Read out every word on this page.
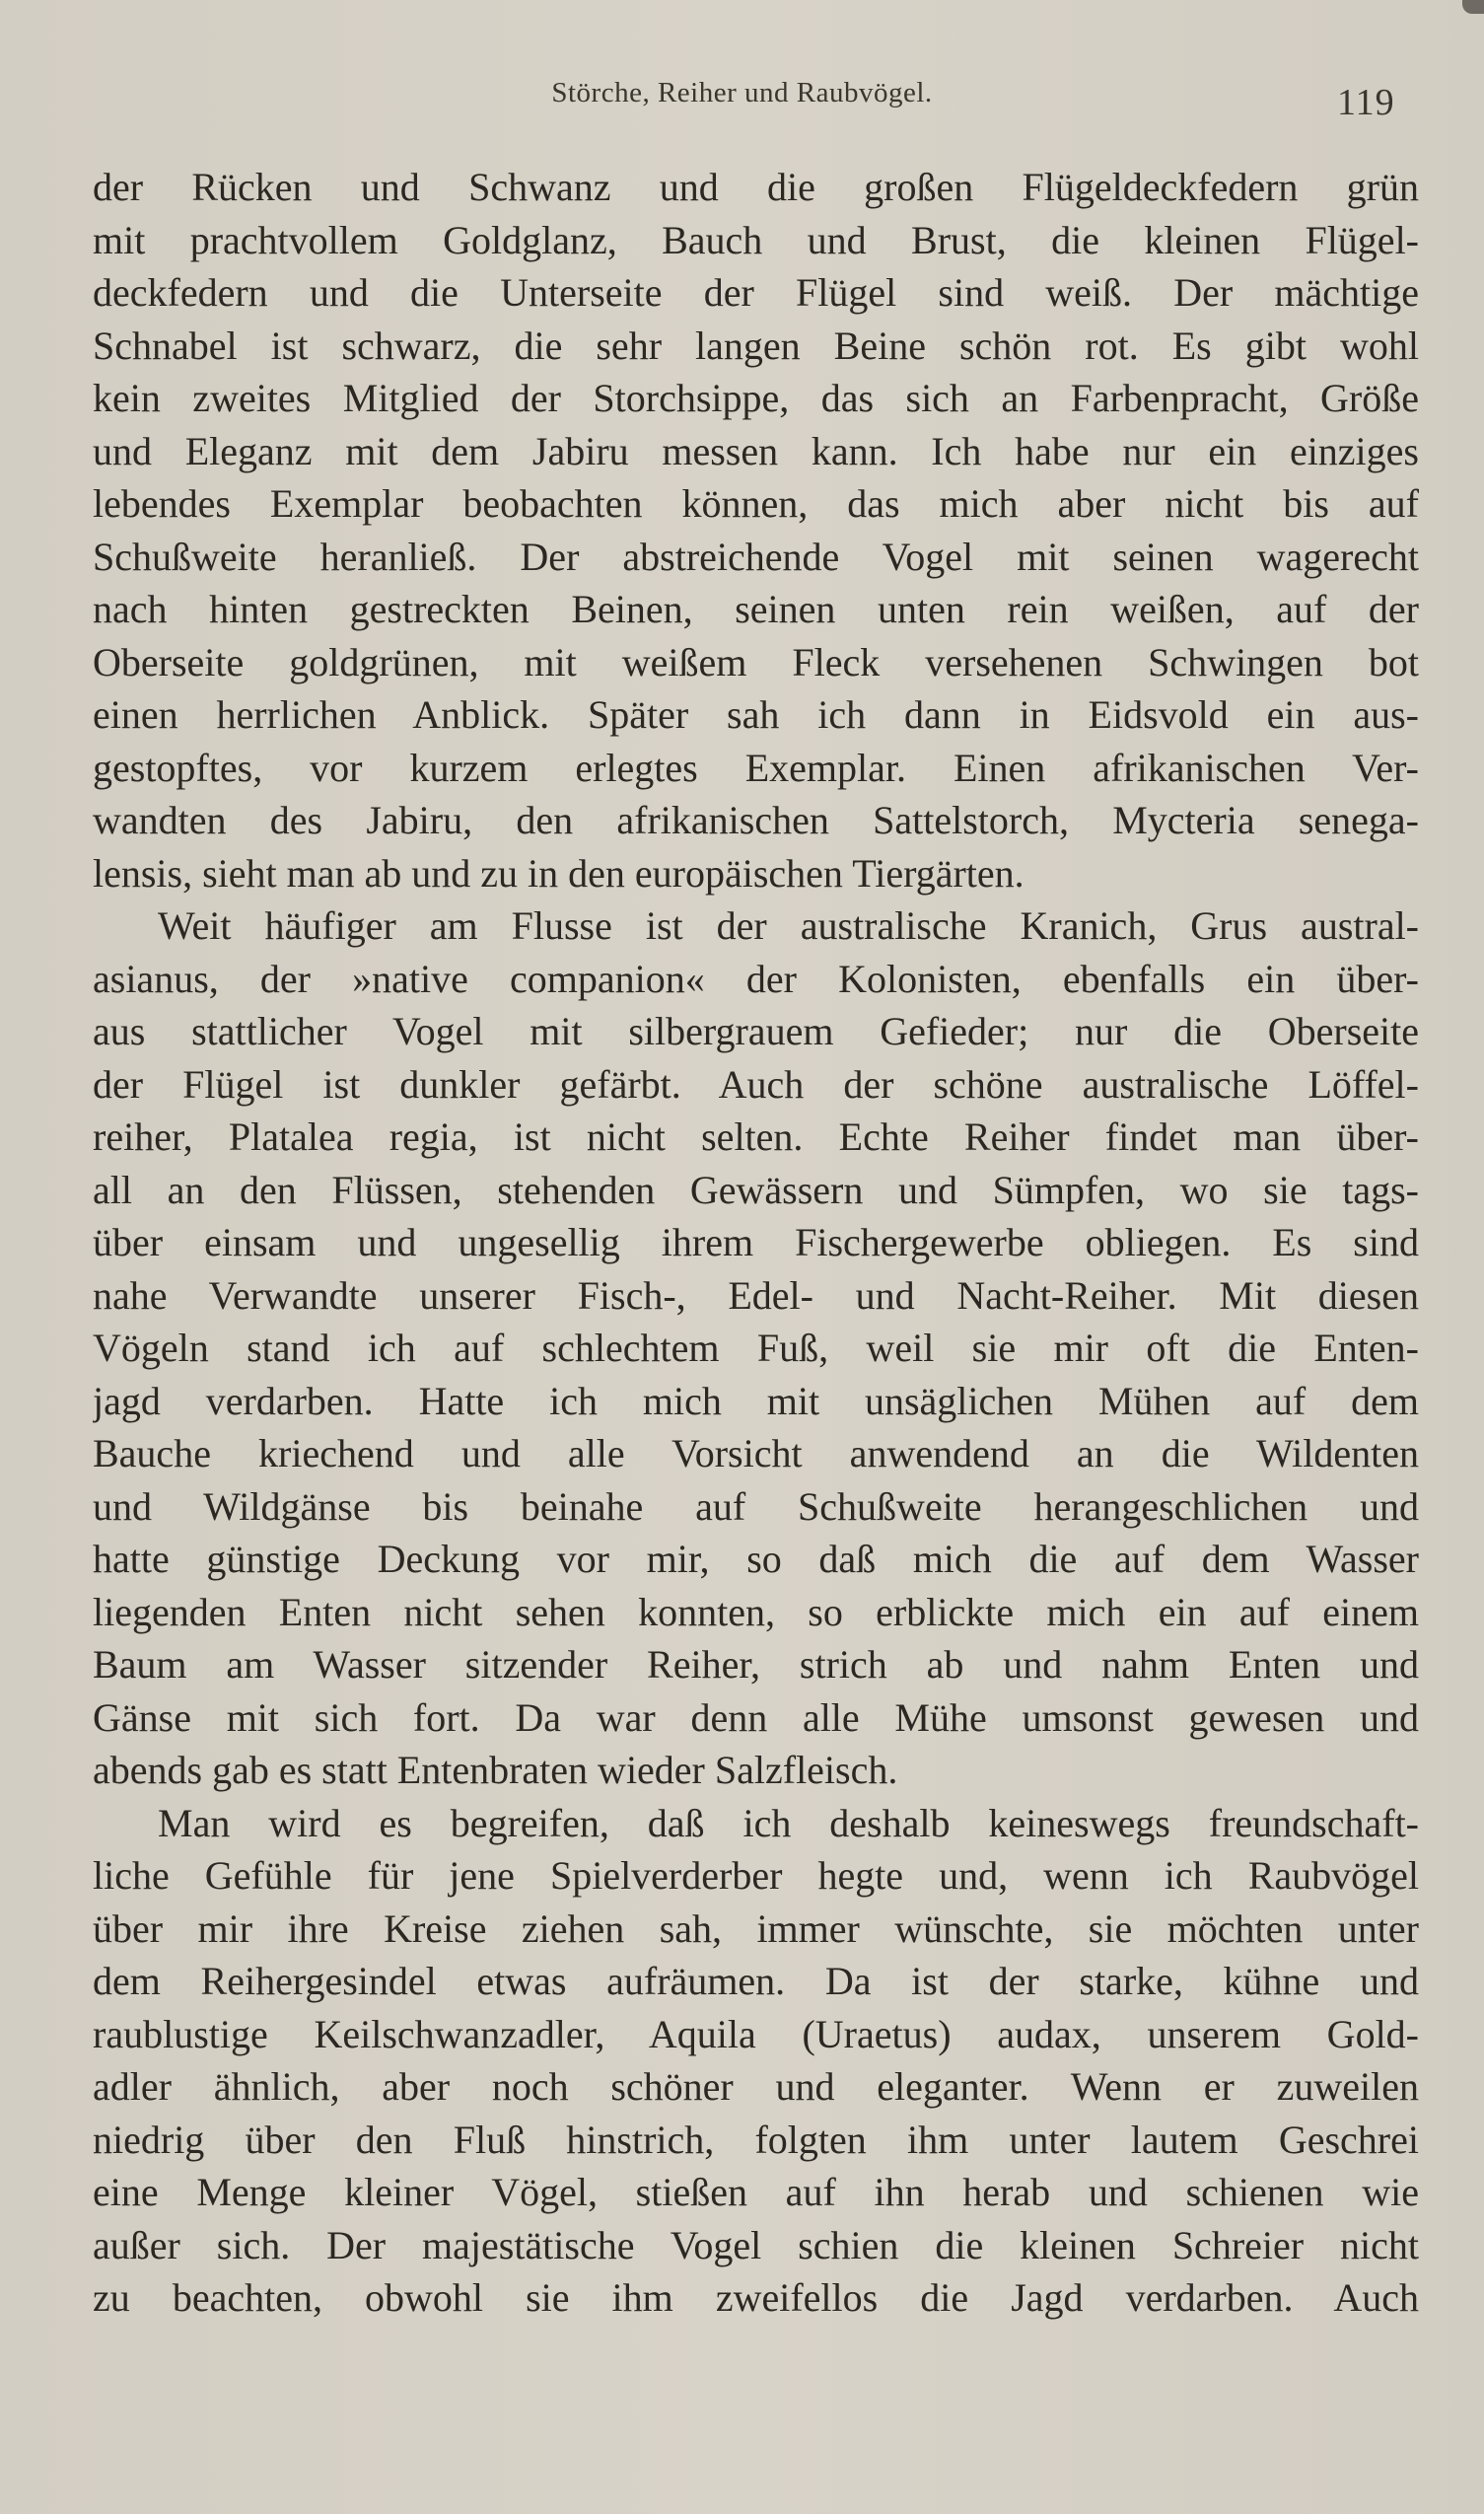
Störche, Reiher und Raubvögel.	119
der Rücken und Schwanz und die großen Flügeldeckfedern grün
mit prachtvollem Goldglanz, Bauch und Brust, die kleinen Flügel-
deckfedern und die Unterseite der Flügel sind weiß. Der mächtige
Schnabel ist schwarz, die sehr langen Beine schön rot. Es gibt wohl
kein zweites Mitglied der Storchsippe, das sich an Farbenpracht, Größe
und Eleganz mit dem Jabiru messen kann. Ich habe nur ein einziges
lebendes Exemplar beobachten können, das mich aber nicht bis auf
Schußweite heranließ. Der abstreichende Vogel mit seinen wagerecht
nach hinten gestreckten Beinen, seinen unten rein weißen, auf der
Oberseite goldgrünen, mit weißem Fleck versehenen Schwingen bot
einen herrlichen Anblick. Später sah ich dann in Eidsvold ein aus-
gestopftes, vor kurzem erlegtes Exemplar. Einen afrikanischen Ver-
wandten des Jabiru, den afrikanischen Sattelstorch, Mycteria senega-
lensis, sieht man ab und zu in den europäischen Tiergärten.
Weit häufiger am Flusse ist der australische Kranich, Grus austral-
asianus, der »native companion« der Kolonisten, ebenfalls ein über-
aus stattlicher Vogel mit silbergrauem Gefieder; nur die Oberseite
der Flügel ist dunkler gefärbt. Auch der schöne australische Löffel-
reiher, Platalea regia, ist nicht selten. Echte Reiher findet man über-
all an den Flüssen, stehenden Gewässern und Sümpfen, wo sie tags-
über einsam und ungesellig ihrem Fischergewerbe obliegen. Es sind
nahe Verwandte unserer Fisch-, Edel- und Nacht-Reiher. Mit diesen
Vögeln stand ich auf schlechtem Fuß, weil sie mir oft die Enten-
jagd verdarben. Hatte ich mich mit unsäglichen Mühen auf dem
Bauche kriechend und alle Vorsicht anwendend an die Wildenten
und Wildgänse bis beinahe auf Schußweite herangeschlichen und
hatte günstige Deckung vor mir, so daß mich die auf dem Wasser
liegenden Enten nicht sehen konnten, so erblickte mich ein auf einem
Baum am Wasser sitzender Reiher, strich ab und nahm Enten und
Gänse mit sich fort. Da war denn alle Mühe umsonst gewesen und
abends gab es statt Entenbraten wieder Salzfleisch.
Man wird es begreifen, daß ich deshalb keineswegs freundschaft-
liche Gefühle für jene Spielverderber hegte und, wenn ich Raubvögel
über mir ihre Kreise ziehen sah, immer wünschte, sie möchten unter
dem Reihergesindel etwas aufräumen. Da ist der starke, kühne und
raublustige Keilschwanzadler, Aquila (Uraetus) audax, unserem Gold-
adler ähnlich, aber noch schöner und eleganter. Wenn er zuweilen
niedrig über den Fluß hinstrich, folgten ihm unter lautem Geschrei
eine Menge kleiner Vögel, stießen auf ihn herab und schienen wie
außer sich. Der majestätische Vogel schien die kleinen Schreier nicht
zu beachten, obwohl sie ihm zweifellos die Jagd verdarben. Auch
